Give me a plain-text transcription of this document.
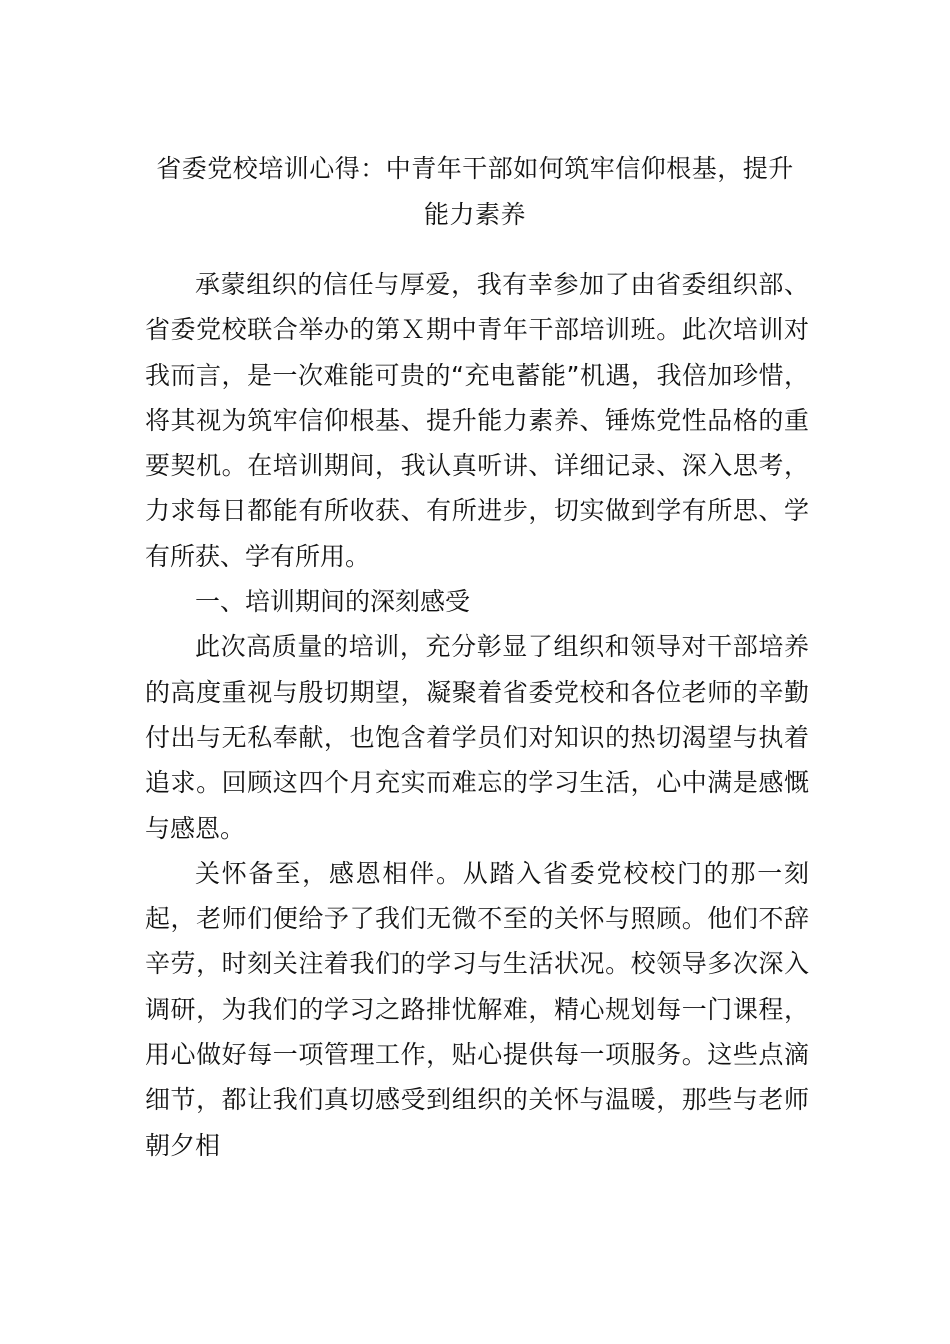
省委党校培训心得：中青年干部如何筑牢信仰根基，提升
能力素养

承蒙组织的信任与厚爱，我有幸参加了由省委组织部、省委党校联合举办的第Ｘ期中青年干部培训班。此次培训对我而言，是一次难能可贵的“充电蓄能”机遇，我倍加珍惜，将其视为筑牢信仰根基、提升能力素养、锤炼党性品格的重要契机。在培训期间，我认真听讲、详细记录、深入思考，力求每日都能有所收获、有所进步，切实做到学有所思、学有所获、学有所用。

一、培训期间的深刻感受

此次高质量的培训，充分彰显了组织和领导对干部培养的高度重视与殷切期望，凝聚着省委党校和各位老师的辛勤付出与无私奉献，也饱含着学员们对知识的热切渴望与执着追求。回顾这四个月充实而难忘的学习生活，心中满是感慨与感恩。

关怀备至，感恩相伴。从踏入省委党校校门的那一刻起，老师们便给予了我们无微不至的关怀与照顾。他们不辞辛劳，时刻关注着我们的学习与生活状况。校领导多次深入调研，为我们的学习之路排忧解难，精心规划每一门课程，用心做好每一项管理工作，贴心提供每一项服务。这些点滴细节，都让我们真切感受到组织的关怀与温暖，那些与老师朝夕相
